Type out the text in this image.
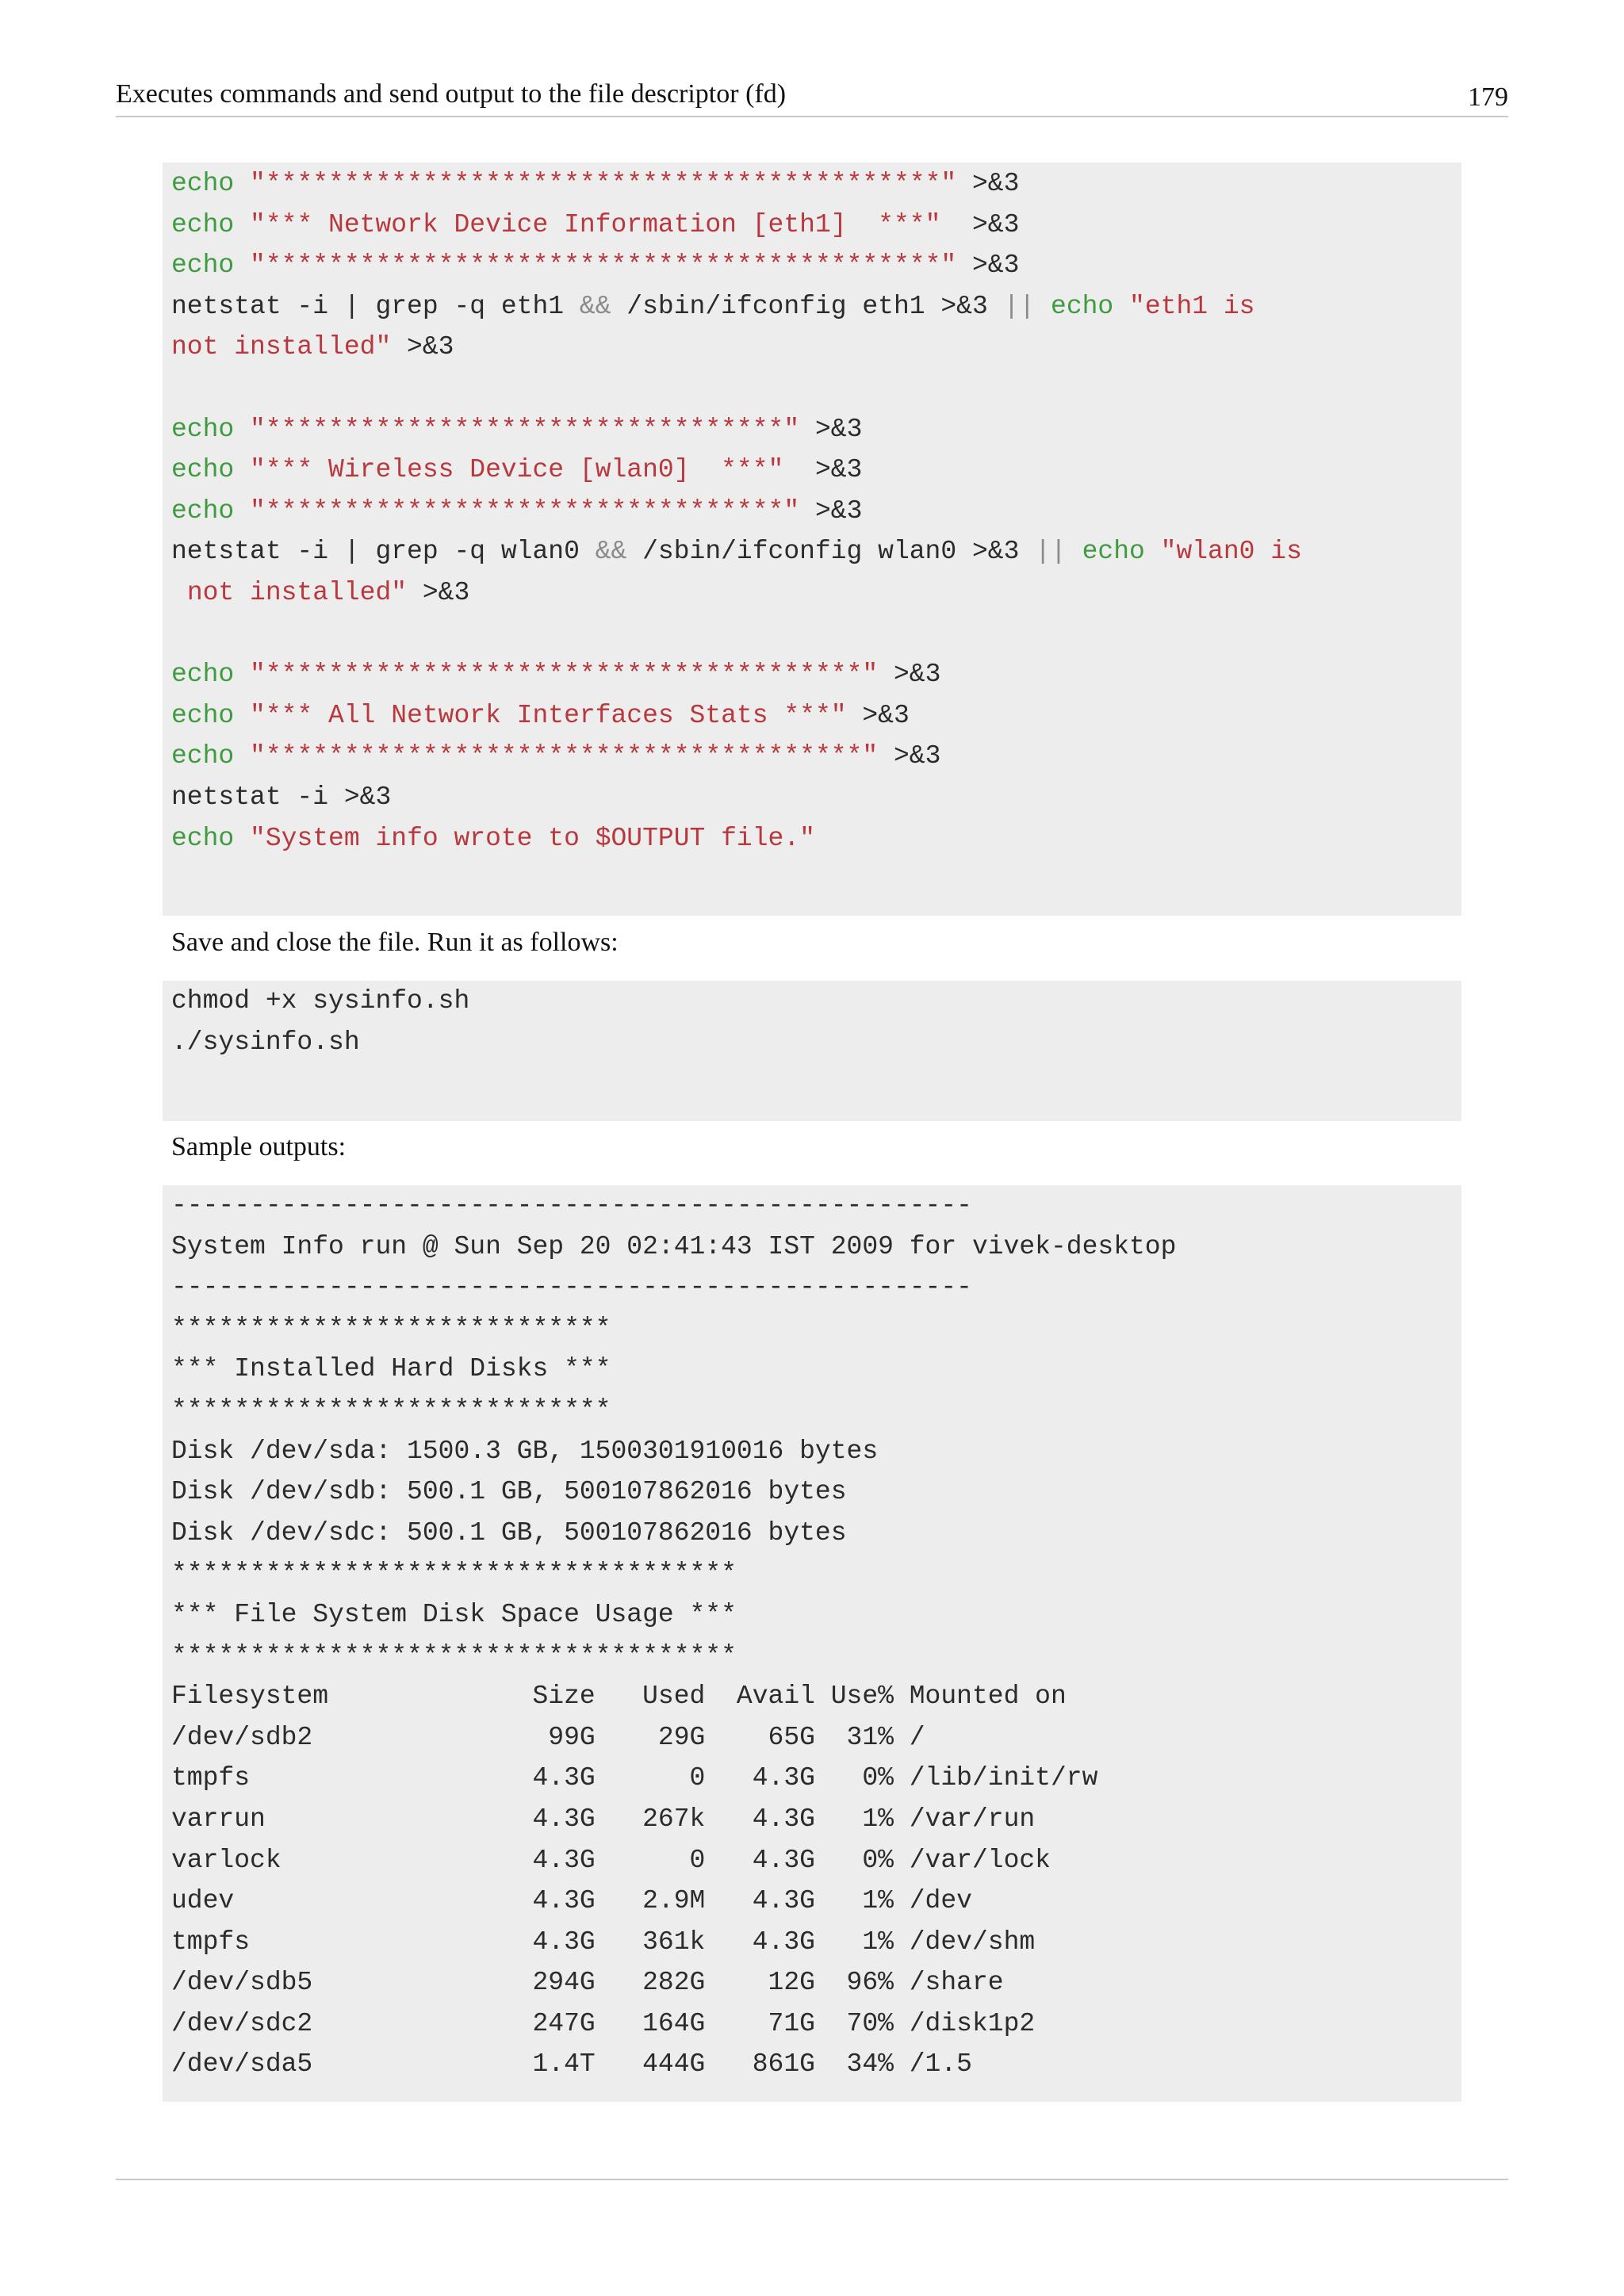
Executes commands and send output to the file descriptor (fd)	179
echo "*******************************************" >&3
echo "*** Network Device Information [eth1]  ***"  >&3
echo "*******************************************" >&3
netstat -i | grep -q eth1 && /sbin/ifconfig eth1 >&3 || echo "eth1 is
not installed" >&3

echo "*********************************" >&3
echo "*** Wireless Device [wlan0]  ***"  >&3
echo "*********************************" >&3
netstat -i | grep -q wlan0 && /sbin/ifconfig wlan0 >&3 || echo "wlan0 is
not installed" >&3

echo "**************************************" >&3
echo "*** All Network Interfaces Stats ***" >&3
echo "**************************************" >&3
netstat -i >&3
echo "System info wrote to $OUTPUT file."
Save and close the file. Run it as follows:
chmod +x sysinfo.sh
./sysinfo.sh
Sample outputs:
---------------------------------------------------
System Info run @ Sun Sep 20 02:41:43 IST 2009 for vivek-desktop
---------------------------------------------------
****************************
*** Installed Hard Disks ***
****************************
Disk /dev/sda: 1500.3 GB, 1500301910016 bytes
Disk /dev/sdb: 500.1 GB, 500107862016 bytes
Disk /dev/sdc: 500.1 GB, 500107862016 bytes
************************************
*** File System Disk Space Usage ***
************************************
Filesystem             Size   Used  Avail Use% Mounted on
/dev/sdb2               99G    29G    65G  31% /
tmpfs                  4.3G      0   4.3G   0% /lib/init/rw
varrun                 4.3G   267k   4.3G   1% /var/run
varlock                4.3G      0   4.3G   0% /var/lock
udev                   4.3G   2.9M   4.3G   1% /dev
tmpfs                  4.3G   361k   4.3G   1% /dev/shm
/dev/sdb5              294G   282G    12G  96% /share
/dev/sdc2              247G   164G    71G  70% /disk1p2
/dev/sda5              1.4T   444G   861G  34% /1.5
